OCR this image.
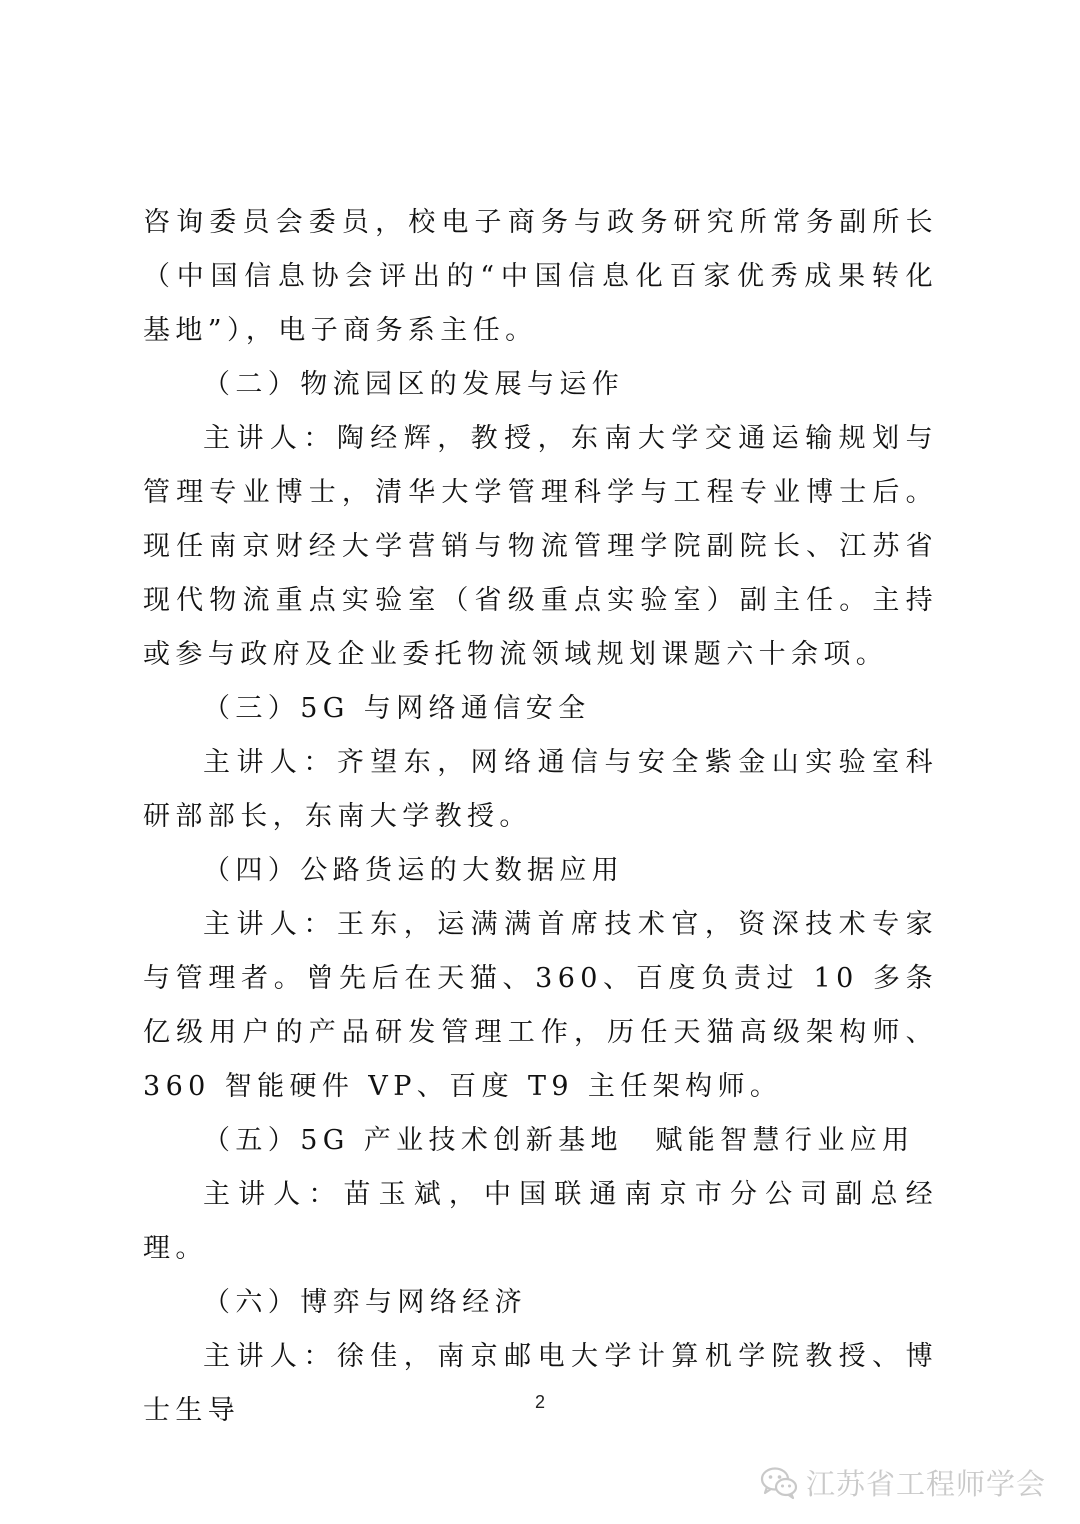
咨询委员会委员，校电子商务与政务研究所常务副所长（中国信息协会评出的“中国信息化百家优秀成果转化基地”），电子商务系主任。

（二）物流园区的发展与运作

主讲人：陶经辉，教授，东南大学交通运输规划与管理专业博士，清华大学管理科学与工程专业博士后。现任南京财经大学营销与物流管理学院副院长、江苏省现代物流重点实验室（省级重点实验室）副主任。主持或参与政府及企业委托物流领域规划课题六十余项。

（三）5G 与网络通信安全

主讲人：齐望东，网络通信与安全紫金山实验室科研部部长，东南大学教授。

（四）公路货运的大数据应用

主讲人：王东，运满满首席技术官，资深技术专家与管理者。曾先后在天猫、360、百度负责过 10 多条亿级用户的产品研发管理工作，历任天猫高级架构师、360 智能硬件 VP、百度 T9 主任架构师。

（五）5G 产业技术创新基地　赋能智慧行业应用

主讲人：苗玉斌，中国联通南京市分公司副总经理。

（六）博弈与网络经济

主讲人：徐佳，南京邮电大学计算机学院教授、博士生导	2
江苏省工程师学会
